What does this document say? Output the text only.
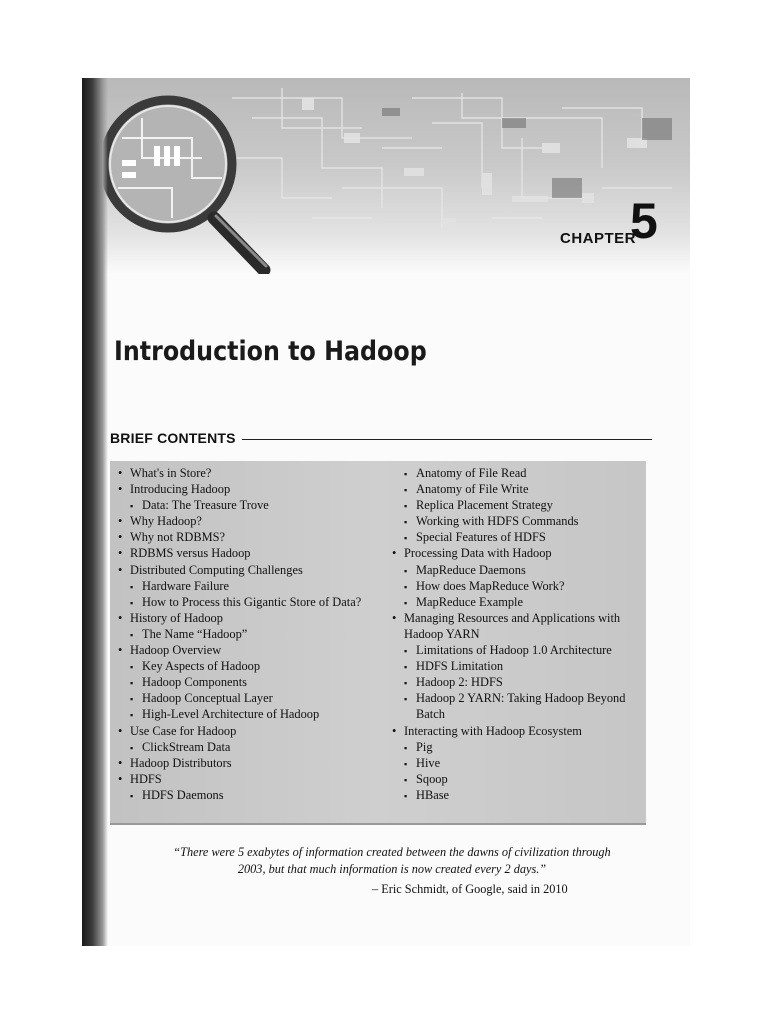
CHAPTER
5
Introduction to Hadoop
BRIEF CONTENTS
• What's in Store?
• Introducing Hadoop
▪ Data: The Treasure Trove
• Why Hadoop?
• Why not RDBMS?
• RDBMS versus Hadoop
• Distributed Computing Challenges
▪ Hardware Failure
▪ How to Process this Gigantic Store of Data?
• History of Hadoop
▪ The Name “Hadoop”
• Hadoop Overview
▪ Key Aspects of Hadoop
▪ Hadoop Components
▪ Hadoop Conceptual Layer
▪ High-Level Architecture of Hadoop
• Use Case for Hadoop
▪ ClickStream Data
• Hadoop Distributors
• HDFS
▪ HDFS Daemons
▪ Anatomy of File Read
▪ Anatomy of File Write
▪ Replica Placement Strategy
▪ Working with HDFS Commands
▪ Special Features of HDFS
• Processing Data with Hadoop
▪ MapReduce Daemons
▪ How does MapReduce Work?
▪ MapReduce Example
• Managing Resources and Applications with Hadoop YARN
▪ Limitations of Hadoop 1.0 Architecture
▪ HDFS Limitation
▪ Hadoop 2: HDFS
▪ Hadoop 2 YARN: Taking Hadoop Beyond Batch
• Interacting with Hadoop Ecosystem
▪ Pig
▪ Hive
▪ Sqoop
▪ HBase
“There were 5 exabytes of information created between the dawns of civilization through
2003, but that much information is now created every 2 days.”
– Eric Schmidt, of Google, said in 2010
